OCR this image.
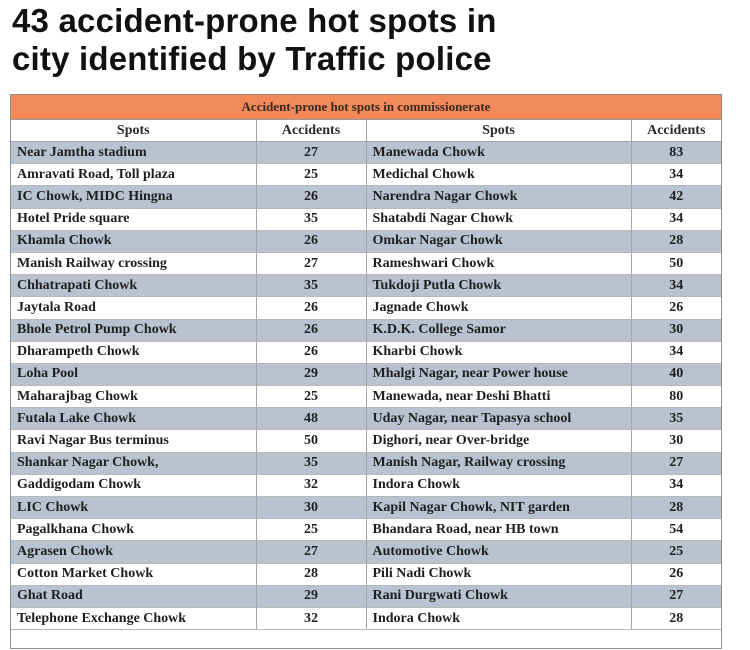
43 accident-prone hot spots in
city identified by Traffic police
Accident-prone hot spots in commissionerate
Spots	Accidents	Spots	Accidents
Near Jamtha stadium	27	Manewada Chowk	83
Amravati Road, Toll plaza	25	Medichal Chowk	34
IC Chowk, MIDC Hingna	26	Narendra Nagar Chowk	42
Hotel Pride square	35	Shatabdi Nagar Chowk	34
Khamla Chowk	26	Omkar Nagar Chowk	28
Manish Railway crossing	27	Rameshwari Chowk	50
Chhatrapati Chowk	35	Tukdoji Putla Chowk	34
Jaytala Road	26	Jagnade Chowk	26
Bhole Petrol Pump Chowk	26	K.D.K. College Samor	30
Dharampeth Chowk	26	Kharbi Chowk	34
Loha Pool	29	Mhalgi Nagar, near Power house	40
Maharajbag Chowk	25	Manewada, near Deshi Bhatti	80
Futala Lake Chowk	48	Uday Nagar, near Tapasya school	35
Ravi Nagar Bus terminus	50	Dighori, near Over-bridge	30
Shankar Nagar Chowk,	35	Manish Nagar, Railway crossing	27
Gaddigodam Chowk	32	Indora Chowk	34
LIC Chowk	30	Kapil Nagar Chowk, NIT garden	28
Pagalkhana Chowk	25	Bhandara Road, near HB town	54
Agrasen Chowk	27	Automotive Chowk	25
Cotton Market Chowk	28	Pili Nadi Chowk	26
Ghat Road	29	Rani Durgwati Chowk	27
Telephone Exchange Chowk	32	Indora Chowk	28
